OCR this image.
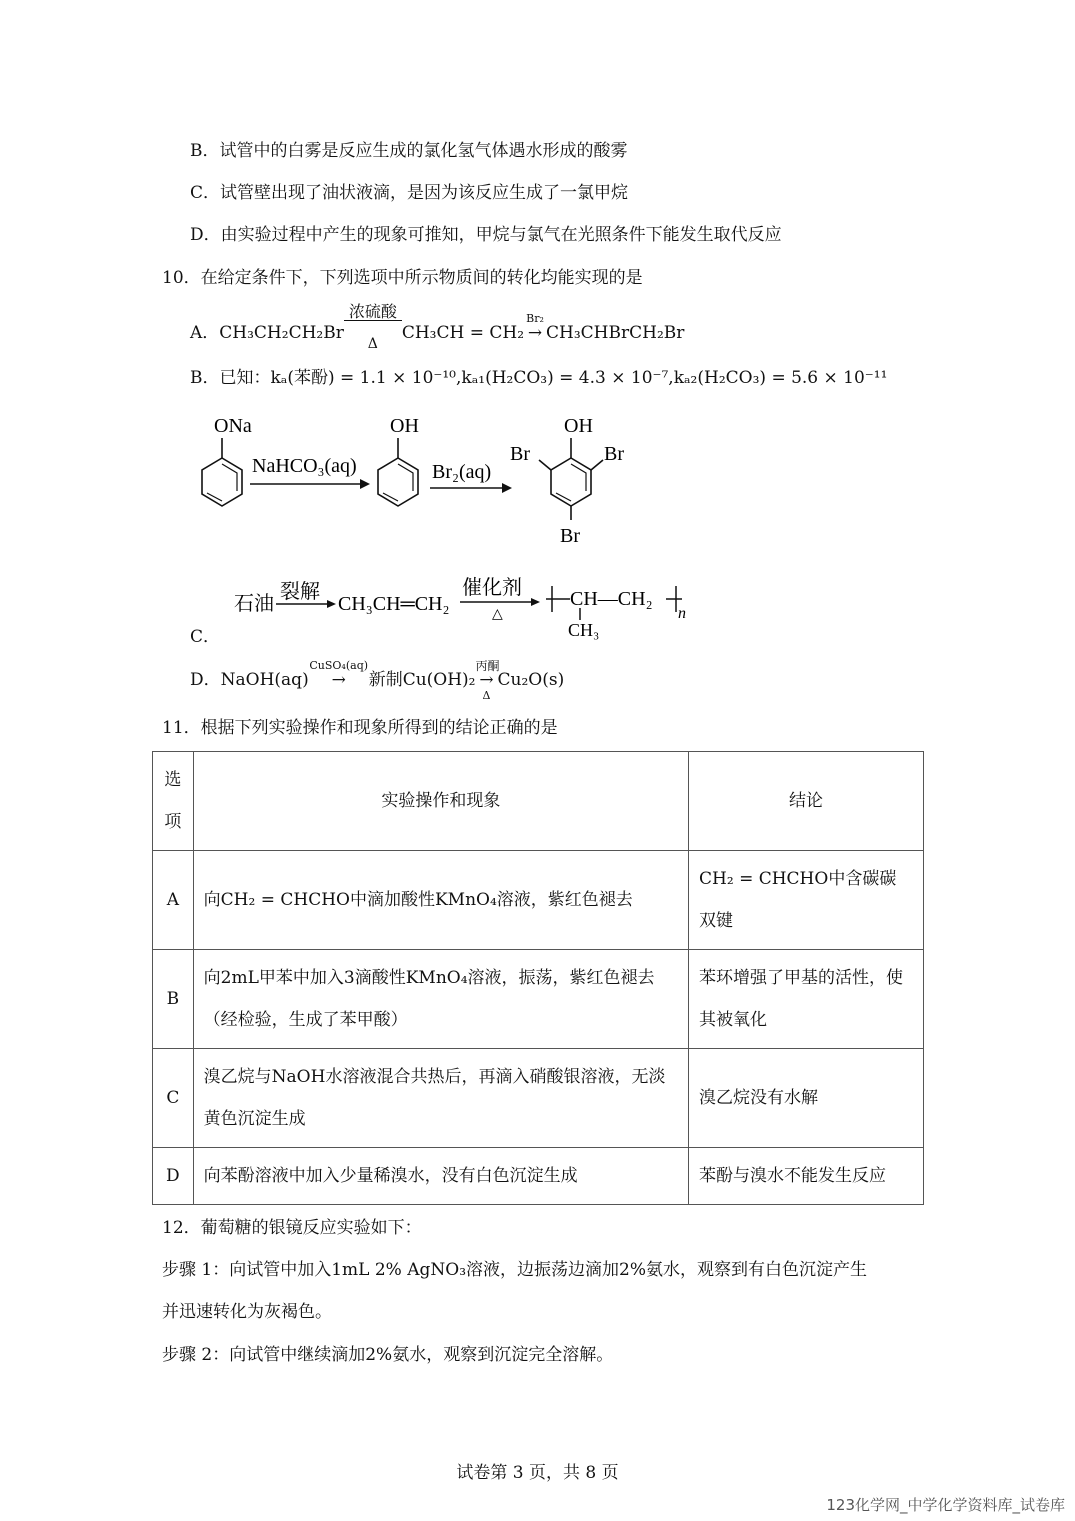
B．试管中的白雾是反应生成的氯化氢气体遇水形成的酸雾
C．试管壁出现了油状液滴，是因为该反应生成了一氯甲烷
D．由实验过程中产生的现象可推知，甲烷与氯气在光照条件下能发生取代反应
10．在给定条件下，下列选项中所示物质间的转化均能实现的是
A．CH₃CH₂CH₂Br
浓硫酸
Δ
CH₃CH = CH₂
Br₂
→ CH₃CHBrCH₂Br
B．已知：kₐ(苯酚) = 1.1 × 10⁻¹⁰,kₐ₁(H₂CO₃) = 4.3 × 10⁻⁷,kₐ₂(H₂CO₃) = 5.6 × 10⁻¹¹
ONa
NaHCO₃(aq)
OH
Br₂(aq)
OH
Br	Br
Br
石油
裂解
CH₃CH═CH₂
催化剂
△
CH—CH₂
n
CH₃
C．
D．NaOH(aq)
CuSO₄(aq)
→ 新制Cu(OH)₂
丙酮
→
Δ
Cu₂O(s)
11．根据下列实验操作和现象所得到的结论正确的是
选
项	实验操作和现象	结论
A	向CH₂ = CHCHO中滴加酸性KMnO₄溶液，紫红色褪去	CH₂ = CHCHO中含碳碳双键
B	向2mL甲苯中加入3滴酸性KMnO₄溶液，振荡，紫红色褪去（经检验，生成了苯甲酸）	苯环增强了甲基的活性，使其被氧化
C	溴乙烷与NaOH水溶液混合共热后，再滴入硝酸银溶液，无淡黄色沉淀生成	溴乙烷没有水解
D	向苯酚溶液中加入少量稀溴水，没有白色沉淀生成	苯酚与溴水不能发生反应
12．葡萄糖的银镜反应实验如下：
步骤 1：向试管中加入1mL 2% AgNO₃溶液，边振荡边滴加2%氨水，观察到有白色沉淀产生
并迅速转化为灰褐色。
步骤 2：向试管中继续滴加2%氨水，观察到沉淀完全溶解。
试卷第 3 页，共 8 页
123化学网_中学化学资料库_试卷库
